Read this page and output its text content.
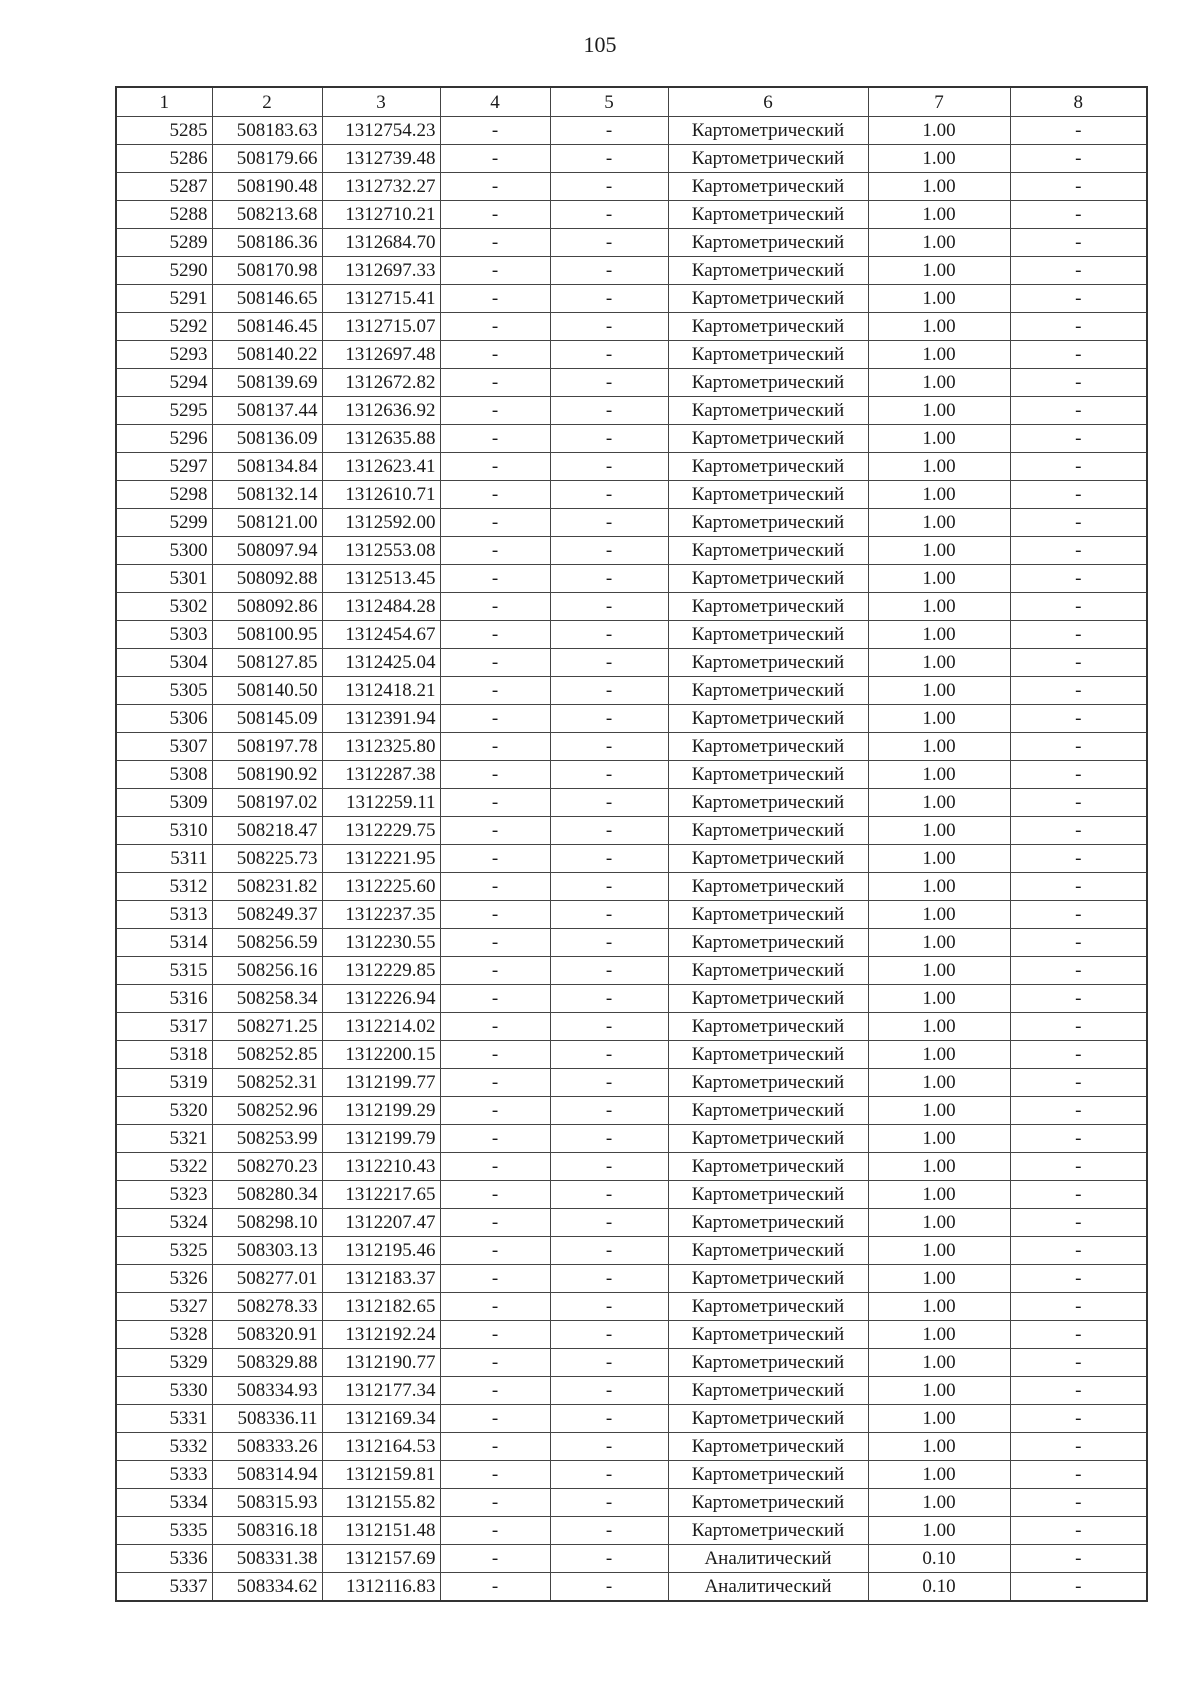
105
1	2	3	4	5	6	7	8
5285	508183.63	1312754.23	-	-	Картометрический	1.00	-
5286	508179.66	1312739.48	-	-	Картометрический	1.00	-
5287	508190.48	1312732.27	-	-	Картометрический	1.00	-
5288	508213.68	1312710.21	-	-	Картометрический	1.00	-
5289	508186.36	1312684.70	-	-	Картометрический	1.00	-
5290	508170.98	1312697.33	-	-	Картометрический	1.00	-
5291	508146.65	1312715.41	-	-	Картометрический	1.00	-
5292	508146.45	1312715.07	-	-	Картометрический	1.00	-
5293	508140.22	1312697.48	-	-	Картометрический	1.00	-
5294	508139.69	1312672.82	-	-	Картометрический	1.00	-
5295	508137.44	1312636.92	-	-	Картометрический	1.00	-
5296	508136.09	1312635.88	-	-	Картометрический	1.00	-
5297	508134.84	1312623.41	-	-	Картометрический	1.00	-
5298	508132.14	1312610.71	-	-	Картометрический	1.00	-
5299	508121.00	1312592.00	-	-	Картометрический	1.00	-
5300	508097.94	1312553.08	-	-	Картометрический	1.00	-
5301	508092.88	1312513.45	-	-	Картометрический	1.00	-
5302	508092.86	1312484.28	-	-	Картометрический	1.00	-
5303	508100.95	1312454.67	-	-	Картометрический	1.00	-
5304	508127.85	1312425.04	-	-	Картометрический	1.00	-
5305	508140.50	1312418.21	-	-	Картометрический	1.00	-
5306	508145.09	1312391.94	-	-	Картометрический	1.00	-
5307	508197.78	1312325.80	-	-	Картометрический	1.00	-
5308	508190.92	1312287.38	-	-	Картометрический	1.00	-
5309	508197.02	1312259.11	-	-	Картометрический	1.00	-
5310	508218.47	1312229.75	-	-	Картометрический	1.00	-
5311	508225.73	1312221.95	-	-	Картометрический	1.00	-
5312	508231.82	1312225.60	-	-	Картометрический	1.00	-
5313	508249.37	1312237.35	-	-	Картометрический	1.00	-
5314	508256.59	1312230.55	-	-	Картометрический	1.00	-
5315	508256.16	1312229.85	-	-	Картометрический	1.00	-
5316	508258.34	1312226.94	-	-	Картометрический	1.00	-
5317	508271.25	1312214.02	-	-	Картометрический	1.00	-
5318	508252.85	1312200.15	-	-	Картометрический	1.00	-
5319	508252.31	1312199.77	-	-	Картометрический	1.00	-
5320	508252.96	1312199.29	-	-	Картометрический	1.00	-
5321	508253.99	1312199.79	-	-	Картометрический	1.00	-
5322	508270.23	1312210.43	-	-	Картометрический	1.00	-
5323	508280.34	1312217.65	-	-	Картометрический	1.00	-
5324	508298.10	1312207.47	-	-	Картометрический	1.00	-
5325	508303.13	1312195.46	-	-	Картометрический	1.00	-
5326	508277.01	1312183.37	-	-	Картометрический	1.00	-
5327	508278.33	1312182.65	-	-	Картометрический	1.00	-
5328	508320.91	1312192.24	-	-	Картометрический	1.00	-
5329	508329.88	1312190.77	-	-	Картометрический	1.00	-
5330	508334.93	1312177.34	-	-	Картометрический	1.00	-
5331	508336.11	1312169.34	-	-	Картометрический	1.00	-
5332	508333.26	1312164.53	-	-	Картометрический	1.00	-
5333	508314.94	1312159.81	-	-	Картометрический	1.00	-
5334	508315.93	1312155.82	-	-	Картометрический	1.00	-
5335	508316.18	1312151.48	-	-	Картометрический	1.00	-
5336	508331.38	1312157.69	-	-	Аналитический	0.10	-
5337	508334.62	1312116.83	-	-	Аналитический	0.10	-
